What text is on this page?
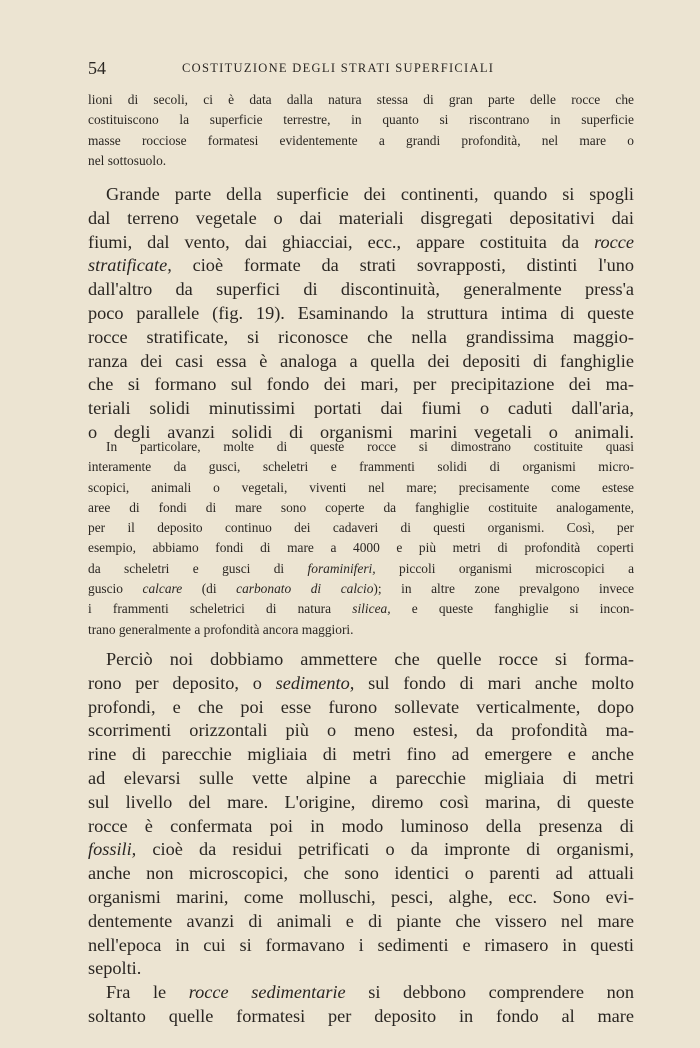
54	COSTITUZIONE DEGLI STRATI SUPERFICIALI
lioni di secoli, ci è data dalla natura stessa di gran parte delle rocce che
costituiscono la superficie terrestre, in quanto si riscontrano in superficie
masse rocciose formatesi evidentemente a grandi profondità, nel mare o
nel sottosuolo.
Grande parte della superficie dei continenti, quando si spogli
dal terreno vegetale o dai materiali disgregati depositativi dai
fiumi, dal vento, dai ghiacciai, ecc., appare costituita da rocce
stratificate, cioè formate da strati sovrapposti, distinti l'uno
dall'altro da superfici di discontinuità, generalmente press'a
poco parallele (fig. 19). Esaminando la struttura intima di queste
rocce stratificate, si riconosce che nella grandissima maggio-
ranza dei casi essa è analoga a quella dei depositi di fanghiglie
che si formano sul fondo dei mari, per precipitazione dei ma-
teriali solidi minutissimi portati dai fiumi o caduti dall'aria,
o degli avanzi solidi di organismi marini vegetali o animali.
In particolare, molte di queste rocce si dimostrano costituite quasi
interamente da gusci, scheletri e frammenti solidi di organismi micro-
scopici, animali o vegetali, viventi nel mare; precisamente come estese
aree di fondi di mare sono coperte da fanghiglie costituite analogamente,
per il deposito continuo dei cadaveri di questi organismi. Così, per
esempio, abbiamo fondi di mare a 4000 e più metri di profondità coperti
da scheletri e gusci di foraminiferi, piccoli organismi microscopici a
guscio calcare (di carbonato di calcio); in altre zone prevalgono invece
i frammenti scheletrici di natura silicea, e queste fanghiglie si incon-
trano generalmente a profondità ancora maggiori.
Perciò noi dobbiamo ammettere che quelle rocce si forma-
rono per deposito, o sedimento, sul fondo di mari anche molto
profondi, e che poi esse furono sollevate verticalmente, dopo
scorrimenti orizzontali più o meno estesi, da profondità ma-
rine di parecchie migliaia di metri fino ad emergere e anche
ad elevarsi sulle vette alpine a parecchie migliaia di metri
sul livello del mare. L'origine, diremo così marina, di queste
rocce è confermata poi in modo luminoso della presenza di
fossili, cioè da residui petrificati o da impronte di organismi,
anche non microscopici, che sono identici o parenti ad attuali
organismi marini, come molluschi, pesci, alghe, ecc. Sono evi-
dentemente avanzi di animali e di piante che vissero nel mare
nell'epoca in cui si formavano i sedimenti e rimasero in questi
sepolti.
Fra le rocce sedimentarie si debbono comprendere non
soltanto quelle formatesi per deposito in fondo al mare
